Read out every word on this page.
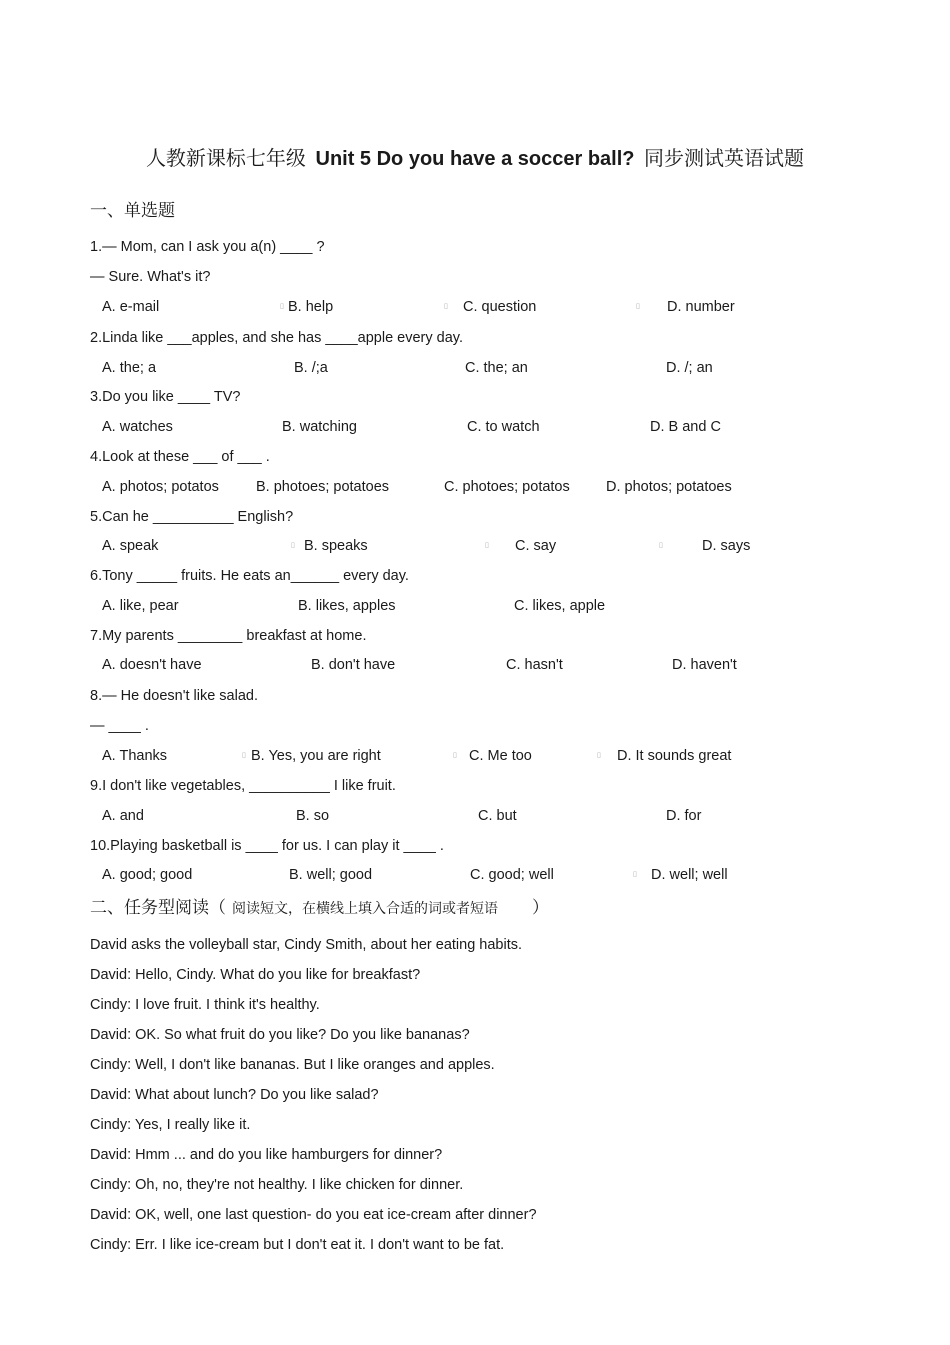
人教新课标七年级 Unit 5 Do you have a soccer ball? 同步测试英语试题
一、单选题
1.— Mom, can I ask you a(n) ____ ?
— Sure. What's it?
A. e-mail	B. help	C. question	D. number
2.Linda like ___apples, and she has ____apple every day.
A. the; a	B. /;a	C. the; an	D. /; an
3.Do you like ____ TV?
A. watches	B. watching	C. to watch	D. B and C
4.Look at these ___ of ___ .
A. photos; potatos	B. photoes; potatoes	C. photoes; potatos	D. photos; potatoes
5.Can he __________ English?
A. speak	B. speaks	C. say	D. says
6.Tony _____ fruits. He eats an______ every day.
A. like, pear	B. likes, apples	C. likes, apple
7.My parents ________ breakfast at home.
A. doesn't have	B. don't have	C. hasn't	D. haven't
8.— He doesn't like salad.
— ____ .
A. Thanks	B. Yes, you are right	C. Me too	D. It sounds great
9.I don't like vegetables, __________ I like fruit.
A. and	B. so	C. but	D. for
10.Playing basketball is ____ for us. I can play it ____ .
A. good; good	B. well; good	C. good; well	D. well; well
▯	▯	▯
▯	▯	▯
▯	▯	▯
▯
二、任务型阅读（ 阅读短文，在横线上填入合适的词或者短语 ）
David asks the volleyball star, Cindy Smith, about her eating habits.
David: Hello, Cindy. What do you like for breakfast?
Cindy: I love fruit. I think it's healthy.
David: OK. So what fruit do you like? Do you like bananas?
Cindy: Well, I don't like bananas. But I like oranges and apples.
David: What about lunch? Do you like salad?
Cindy: Yes, I really like it.
David: Hmm ... and do you like hamburgers for dinner?
Cindy: Oh, no, they're not healthy. I like chicken for dinner.
David: OK, well, one last question- do you eat ice-cream after dinner?
Cindy: Err. I like ice-cream but I don't eat it. I don't want to be fat.
